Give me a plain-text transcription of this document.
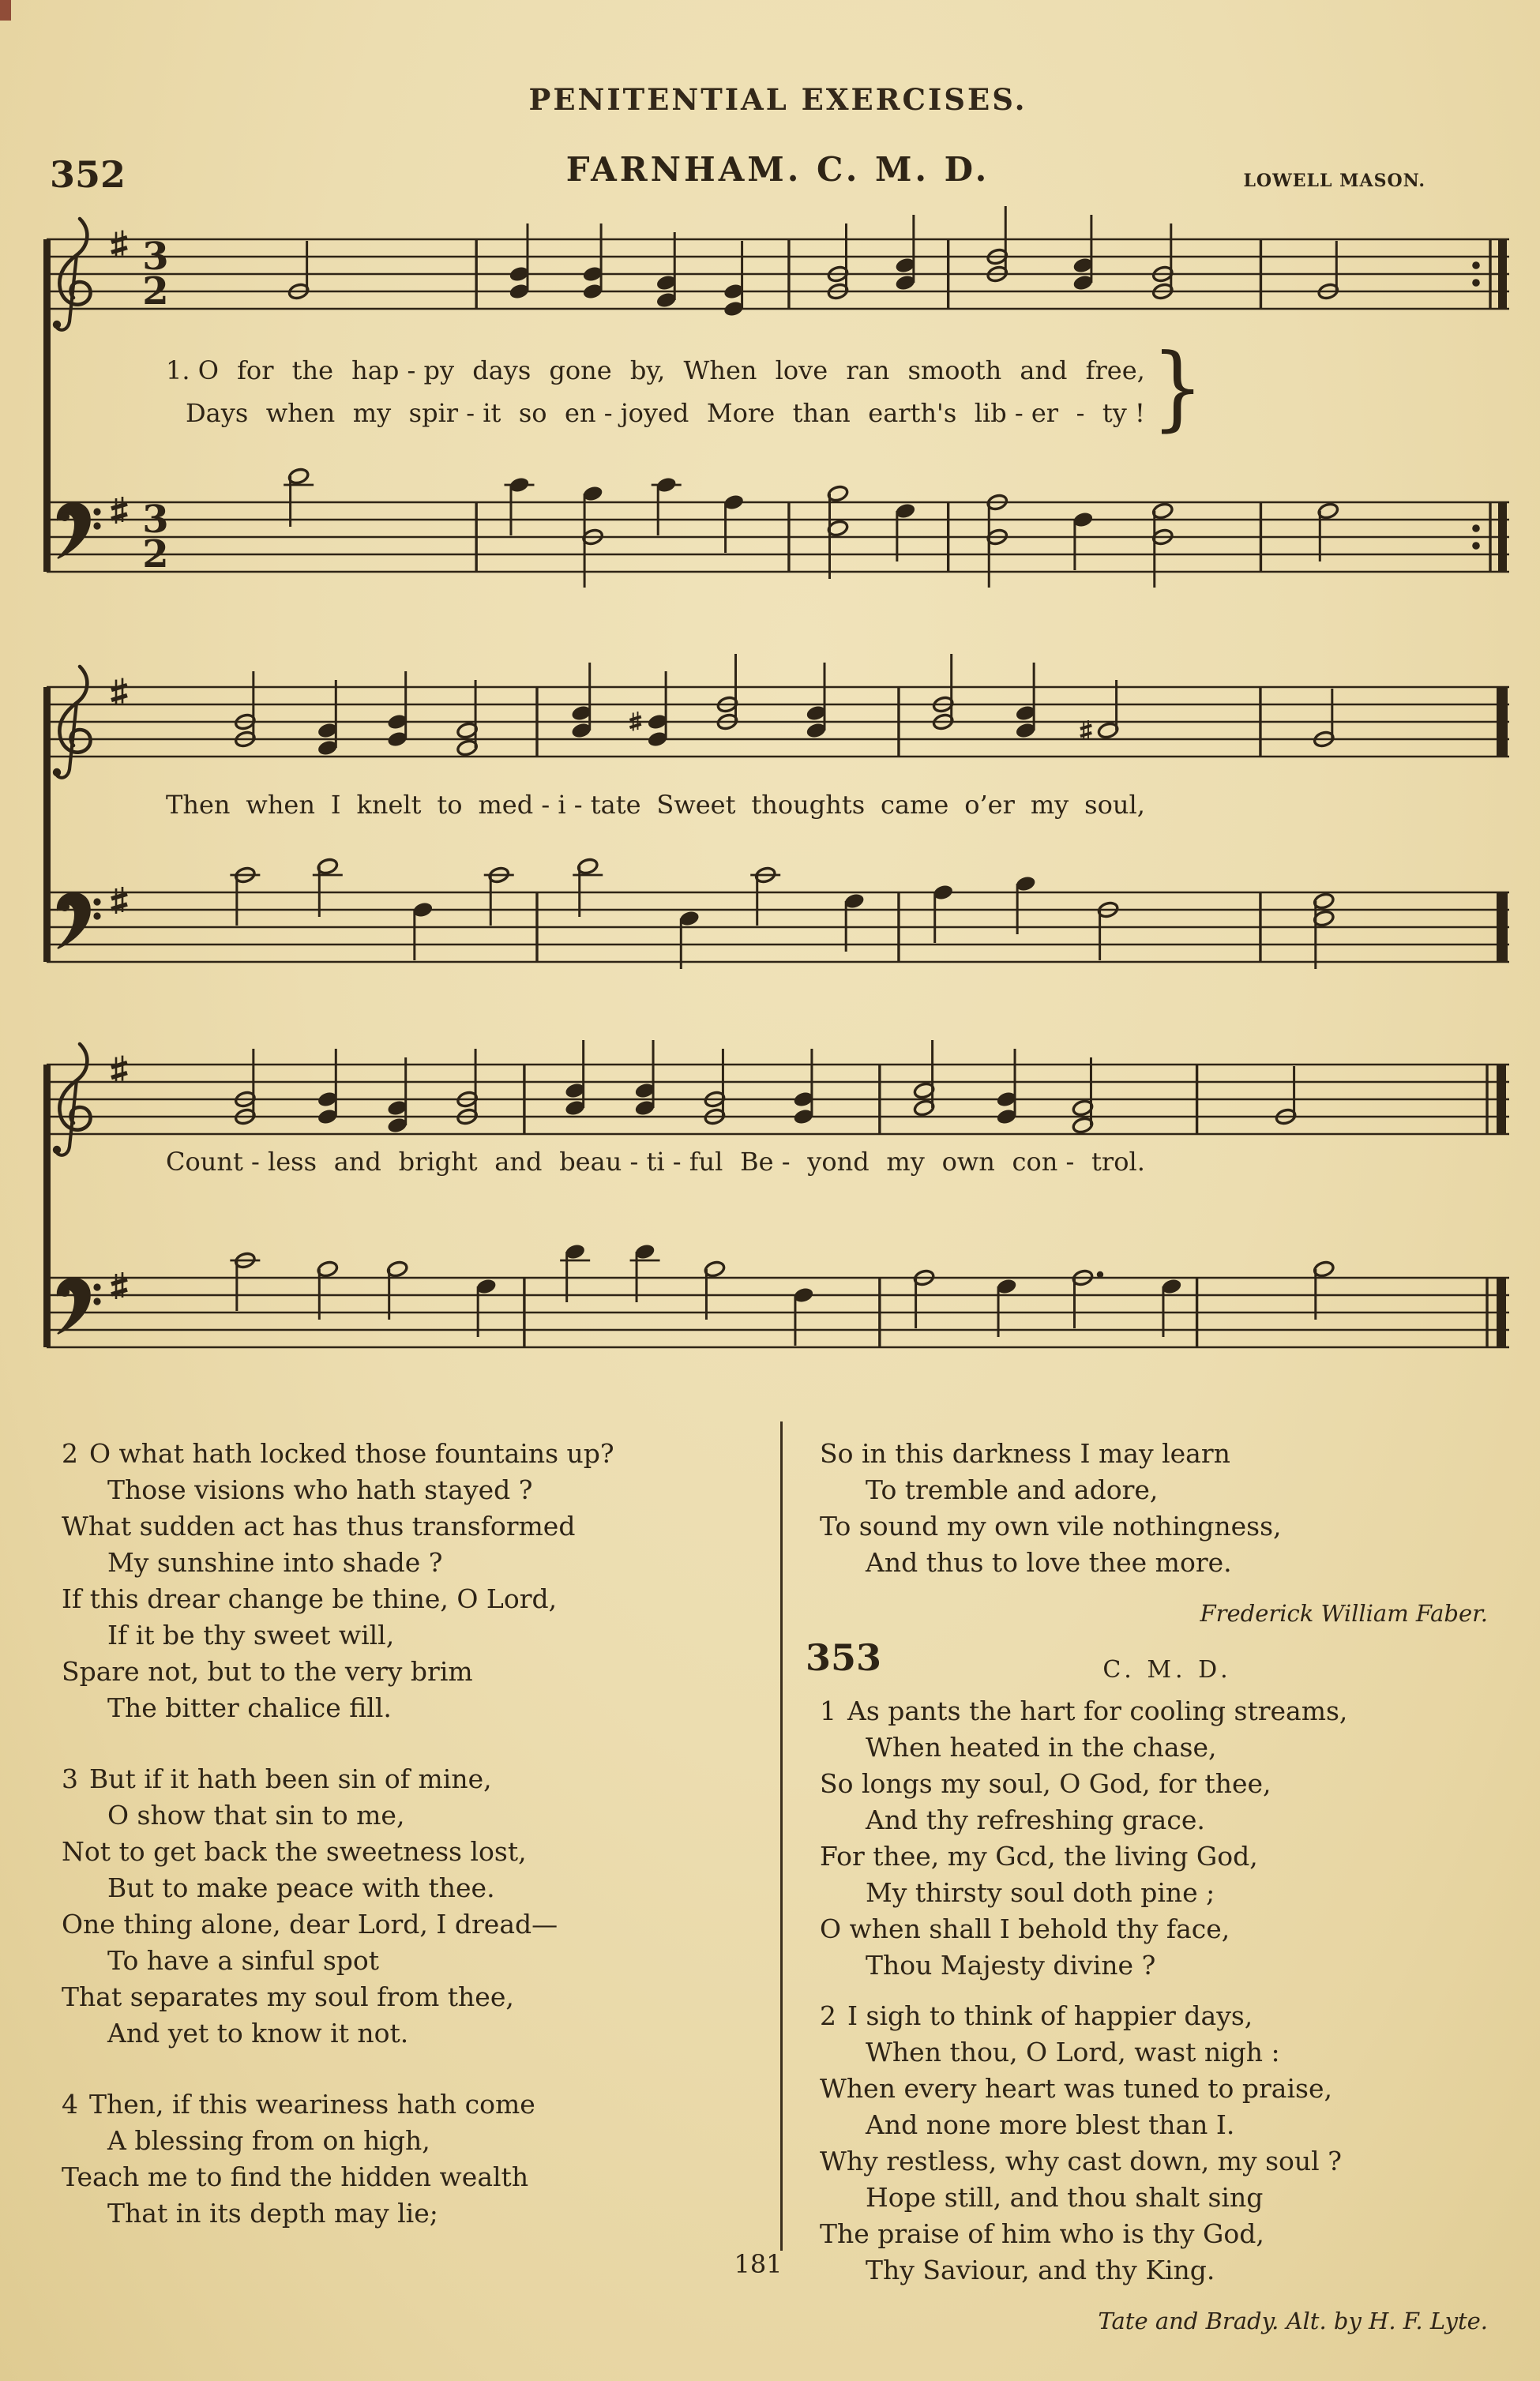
PENITENTIAL EXERCISES.
352	FARNHAM. C. M. D.	LOWELL MASON.
3
2
3
2
1. O for the hap - py days gone by, When love ran smooth and free,
Days when my spir - it so en - joyed More than earth's lib - er - ty ! }
Then when I knelt to med - i - tate Sweet thoughts came o’er my soul,
Count - less and bright and beau - ti - ful Be - yond my own con - trol.
2 O what hath locked those fountains up?
Those visions who hath stayed ?
What sudden act has thus transformed
My sunshine into shade ?
If this drear change be thine, O Lord,
If it be thy sweet will,
Spare not, but to the very brim
The bitter chalice fill.
3 But if it hath been sin of mine,
O show that sin to me,
Not to get back the sweetness lost,
But to make peace with thee.
One thing alone, dear Lord, I dread—
To have a sinful spot
That separates my soul from thee,
And yet to know it not.
4 Then, if this weariness hath come
A blessing from on high,
Teach me to find the hidden wealth
That in its depth may lie;
So in this darkness I may learn
To tremble and adore,
To sound my own vile nothingness,
And thus to love thee more.
Frederick William Faber.
353	C. M. D.
1 As pants the hart for cooling streams,
When heated in the chase,
So longs my soul, O God, for thee,
And thy refreshing grace.
For thee, my Gcd, the living God,
My thirsty soul doth pine ;
O when shall I behold thy face,
Thou Majesty divine ?
2 I sigh to think of happier days,
When thou, O Lord, wast nigh :
When every heart was tuned to praise,
And none more blest than I.
Why restless, why cast down, my soul ?
Hope still, and thou shalt sing
The praise of him who is thy God,
Thy Saviour, and thy King.
Tate and Brady. Alt. by H. F. Lyte.
181
